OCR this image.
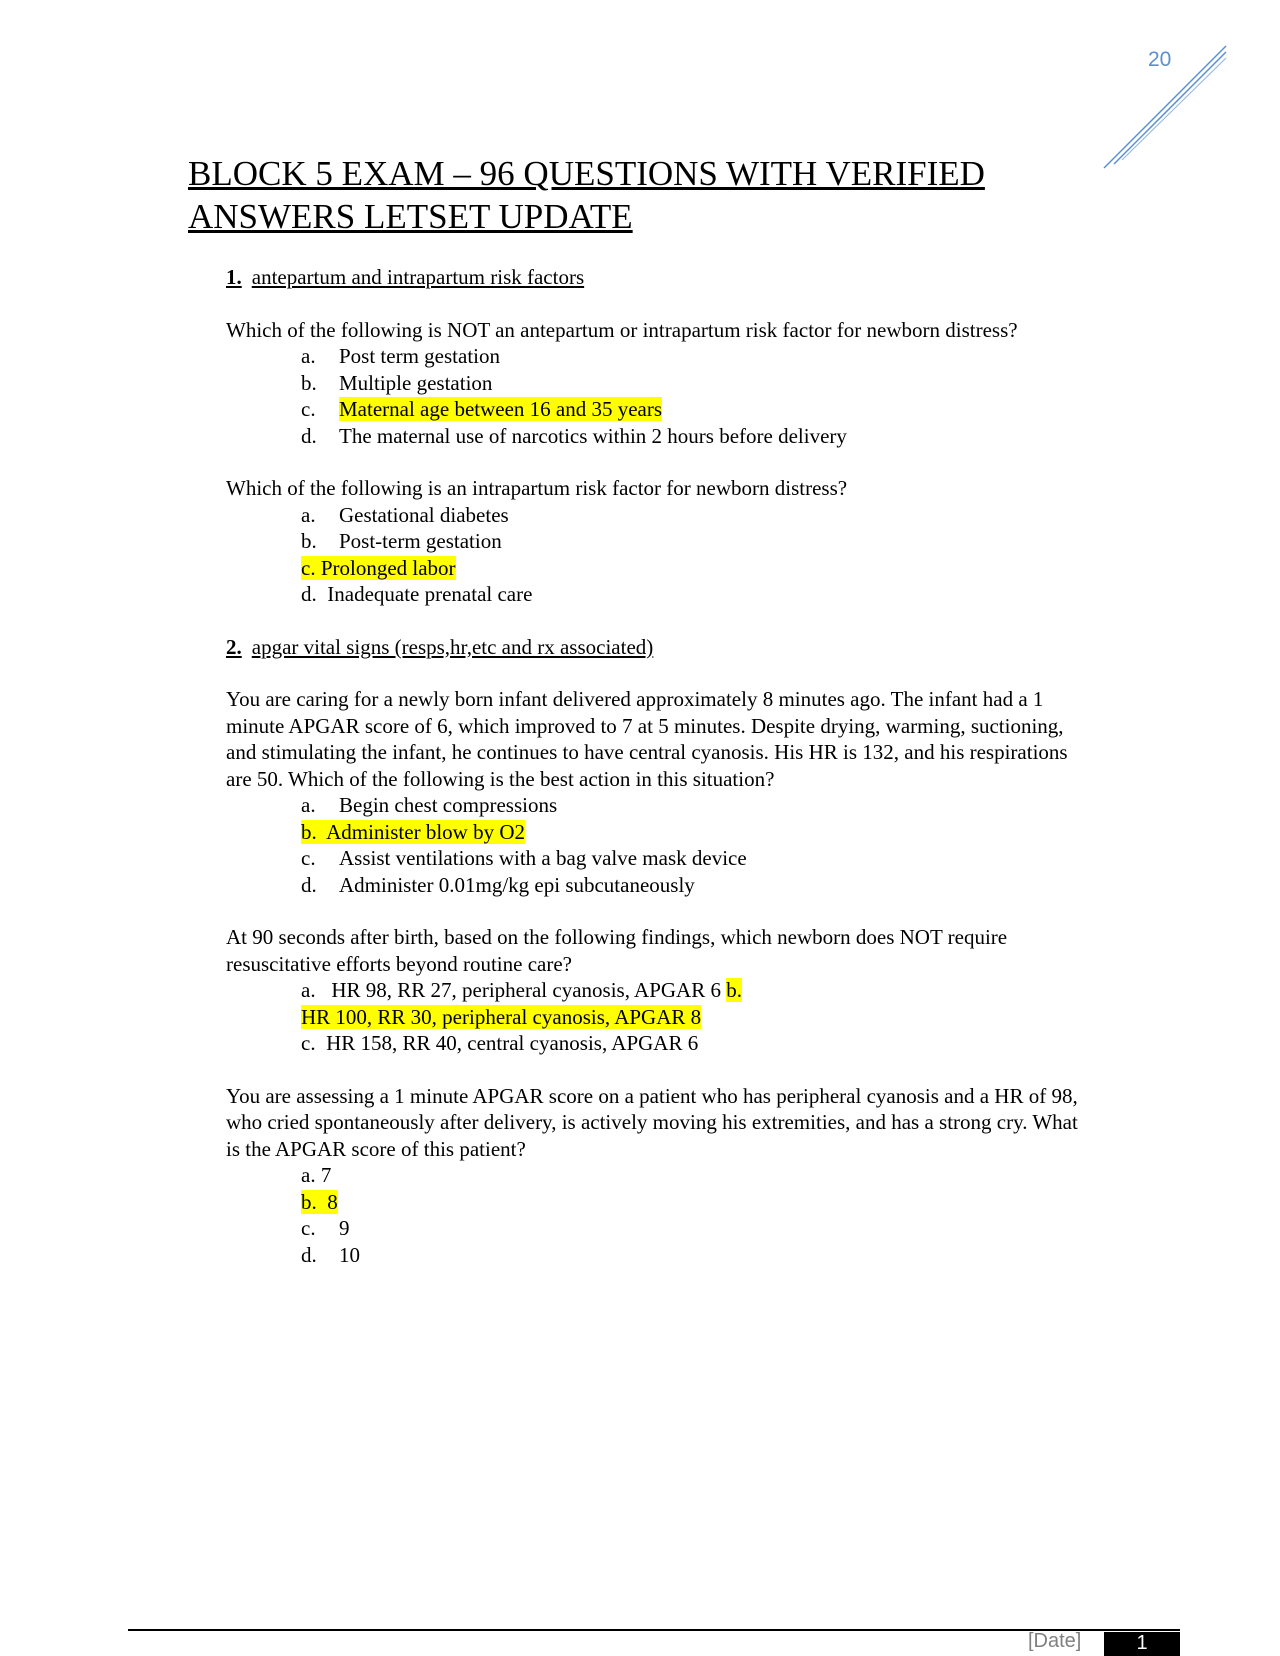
20
BLOCK 5 EXAM – 96 QUESTIONS WITH VERIFIED ANSWERS LETSET UPDATE
1. antepartum and intrapartum risk factors

Which of the following is NOT an antepartum or intrapartum risk factor for newborn distress?

a. Post term gestation
b. Multiple gestation
c. Maternal age between 16 and 35 years
d. The maternal use of narcotics within 2 hours before delivery

Which of the following is an intrapartum risk factor for newborn distress?

a. Gestational diabetes
b. Post-term gestation
c. Prolonged labor
d. Inadequate prenatal care
2. apgar vital signs (resps,hr,etc and rx associated)

You are caring for a newly born infant delivered approximately 8 minutes ago. The infant had a 1 minute APGAR score of 6, which improved to 7 at 5 minutes. Despite drying, warming, suctioning, and stimulating the infant, he continues to have central cyanosis. His HR is 132, and his respirations are 50. Which of the following is the best action in this situation?

a. Begin chest compressions
b. Administer blow by O2
c. Assist ventilations with a bag valve mask device
d. Administer 0.01mg/kg epi subcutaneously

At 90 seconds after birth, based on the following findings, which newborn does NOT require resuscitative efforts beyond routine care?

a. HR 98, RR 27, peripheral cyanosis, APGAR 6 b.
HR 100, RR 30, peripheral cyanosis, APGAR 8
c. HR 158, RR 40, central cyanosis, APGAR 6

You are assessing a 1 minute APGAR score on a patient who has peripheral cyanosis and a HR of 98, who cried spontaneously after delivery, is actively moving his extremities, and has a strong cry. What is the APGAR score of this patient?

a. 7
b. 8
c. 9
d. 10
[Date]	1
